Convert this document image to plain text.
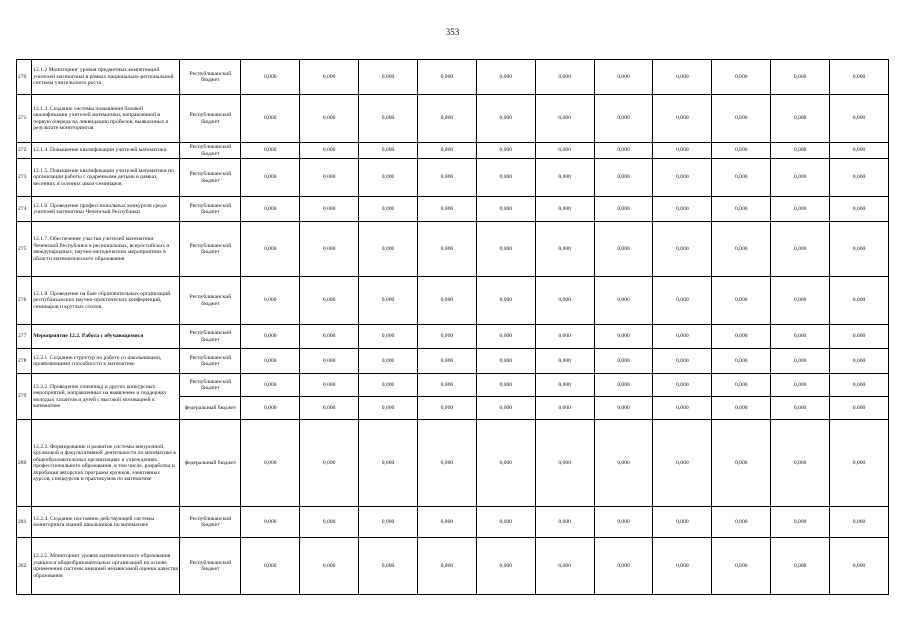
353
270	12.1.2 Мониторинг уровня предметных компетенций учителей математики в рамках национально-региональной системы учительского роста	Республиканский бюджет	0,000	0,000	0,000	0,000	0,000	0,000	0,000	0,000	0,000	0,000	0,000
271	12.1.3. Создание системы повышения базовой квалификации учителей математики, направленной в первую очередь на ликвидацию пробелов, выявленных в результате мониторингов	Республиканский бюджет	0,000	0,000	0,000	0,000	0,000	0,000	0,000	0,000	0,000	0,000	0,000
272	12.1.4. Повышение квалификации учителей математики	Республиканский бюджет	0,000	0,000	0,000	0,000	0,000	0,000	0,000	0,000	0,000	0,000	0,000
273	12.1.5. Повышение квалификации учителей математики по организации работы с одаренными детьми в рамках весенних и осенних школ-семинаров	Республиканский бюджет	0,000	0,000	0,000	0,000	0,000	0,000	0,000	0,000	0,000	0,000	0,000
274	12.1.6. Проведение профессиональных конкурсов среди учителей математики Чеченской Республики	Республиканский бюджет	0,000	0,000	0,000	0,000	0,000	0,000	0,000	0,000	0,000	0,000	0,000
275	12.1.7. Обеспечение участия учителей математики Чеченской Республики в региональных, всероссийских и международных, научно-методических мероприятиях в области математического образования	Республиканский бюджет	0,000	0,000	0,000	0,000	0,000	0,000	0,000	0,000	0,000	0,000	0,000
276	12.1.8. Проведение на базе образовательных организаций республиканских научно-практических конференций, семинаров и круглых столов,	Республиканский бюджет	0,000	0,000	0,000	0,000	0,000	0,000	0,000	0,000	0,000	0,000	0,000
277	Мероприятие 12.2. Работа с обучающимися	Республиканский бюджет	0,000	0,000	0,000	0,000	0,000	0,000	0,000	0,000	0,000	0,000	0,000
278	12.2.1. Создание структур по работе со школьниками, проявляющими способности к математике	Республиканский бюджет	0,000	0,000	0,000	0,000	0,000	0,000	0,000	0,000	0,000	0,000	0,000
279	12.2.2. Проведение олимпиад и других конкурсных мероприятий, направленных на выявление и поддержку молодых талантов и детей с высокой мотивацией к математике	Республиканский бюджет	0,000	0,000	0,000	0,000	0,000	0,000	0,000	0,000	0,000	0,000	0,000
		федеральный бюджет	0,000	0,000	0,000	0,000	0,000	0,000	0,000	0,000	0,000	0,000	0,000
280	12.2.3. Формирование и развитие системы внеурочной, кружковой и факультативной деятельности по математике в общеобразовательных организациях и учреждениях профессионального образования, в том числе, разработка и апробация авторских программ кружков, элективных курсов, спецкурсов и практикумов по математике	федеральный бюджет	0,000	0,000	0,000	0,000	0,000	0,000	0,000	0,000	0,000	0,000	0,000
281	12.2.4. Создание постоянно действующей системы мониторинга знаний школьников по математике	Республиканский бюджет	0,000	0,000	0,000	0,000	0,000	0,000	0,000	0,000	0,000	0,000	0,000
282	12.2.5. Мониторинг уровня математического образования учащихся общеобразовательных организаций на основе применения системы внешней независимой оценки качества образования	Республиканский бюджет	0,000	0,000	0,000	0,000	0,000	0,000	0,000	0,000	0,000	0,000	0,000
